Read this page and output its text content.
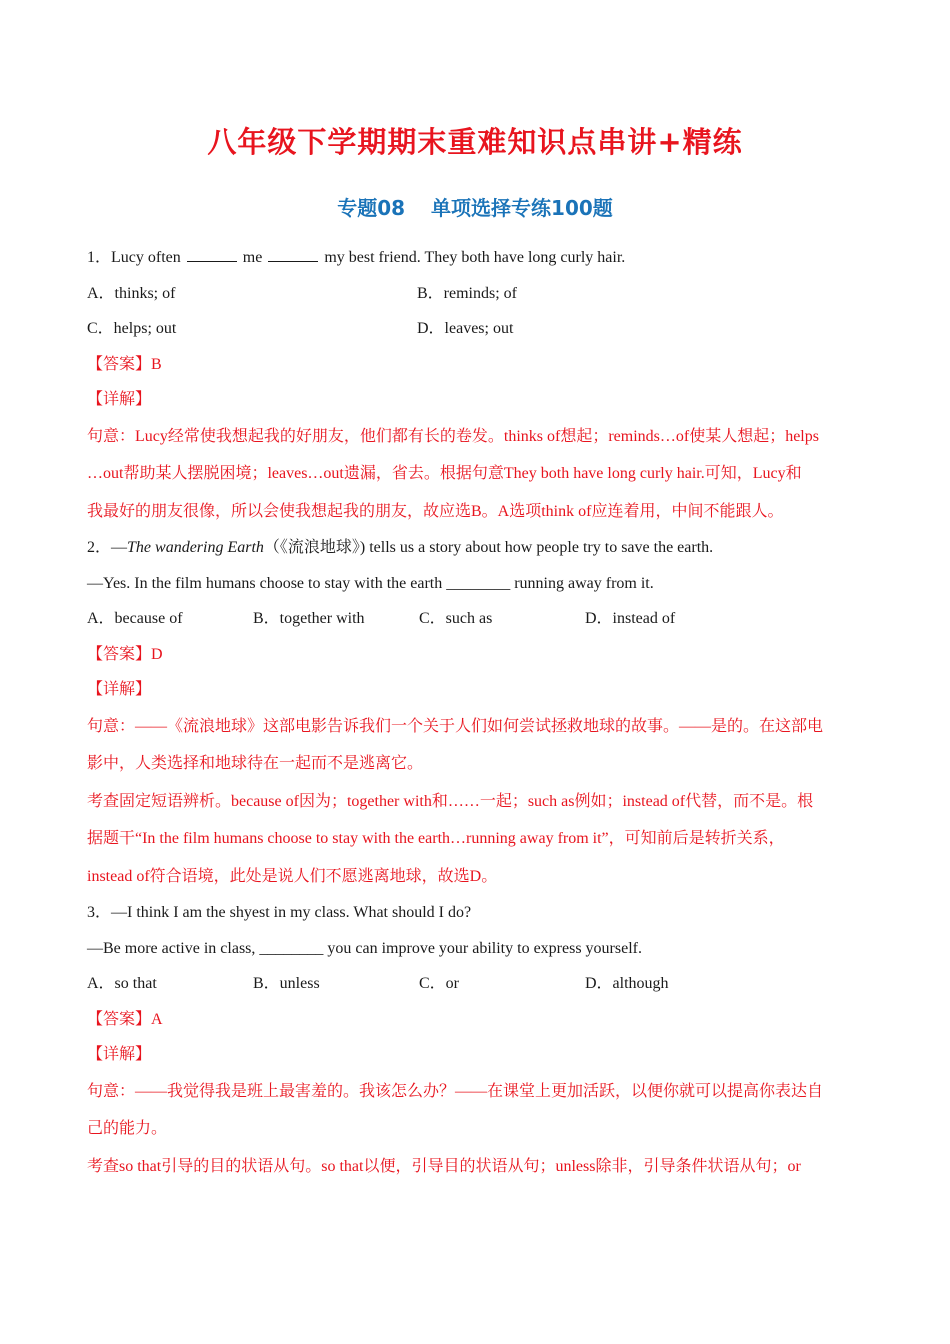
八年级下学期期末重难知识点串讲+精练
专题08 单项选择专练100题
1．Lucy often	me	my best friend. They both have long curly hair.
A．thinks; of	B．reminds; of
C．helps; out	D．leaves; out
【答案】B
【详解】
句意：Lucy经常使我想起我的好朋友，他们都有长的卷发。thinks of想起；reminds…of使某人想起；helps
…out帮助某人摆脱困境；leaves…out遗漏，省去。根据句意They both have long curly hair.可知，Lucy和
我最好的朋友很像，所以会使我想起我的朋友，故应选B。A选项think of应连着用，中间不能跟人。
2．—The wandering Earth（《流浪地球》) tells us a story about how people try to save the earth.
—Yes. In the film humans choose to stay with the earth ________ running away from it.
A．because of	B．together with	C．such as	D．instead of
【答案】D
【详解】
句意：——《流浪地球》这部电影告诉我们一个关于人们如何尝试拯救地球的故事。——是的。在这部电
影中，人类选择和地球待在一起而不是逃离它。
考查固定短语辨析。because of因为；together with和……一起；such as例如；instead of代替，而不是。根
据题干“In the film humans choose to stay with the earth…running away from it”，可知前后是转折关系，
instead of符合语境，此处是说人们不愿逃离地球，故选D。
3．—I think I am the shyest in my class. What should I do?
—Be more active in class, ________ you can improve your ability to express yourself.
A．so that	B．unless	C．or	D．although
【答案】A
【详解】
句意：——我觉得我是班上最害羞的。我该怎么办？——在课堂上更加活跃，以便你就可以提高你表达自
己的能力。
考查so that引导的目的状语从句。so that以便，引导目的状语从句；unless除非，引导条件状语从句；or
